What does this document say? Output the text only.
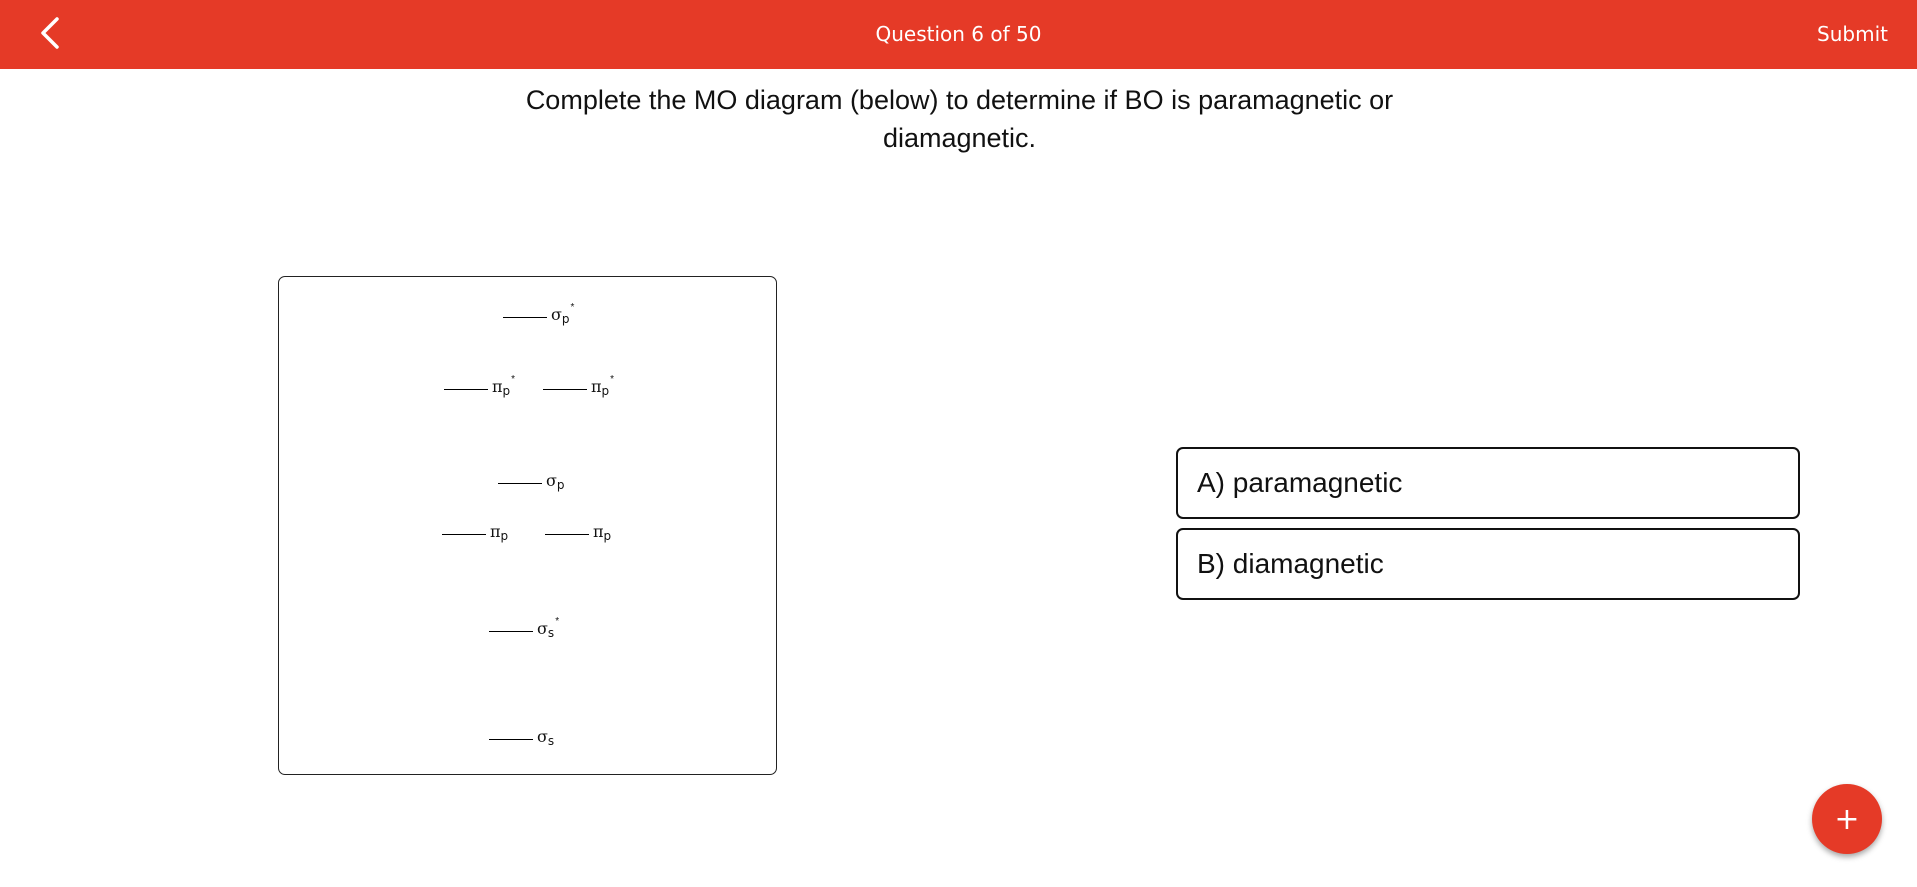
Question 6 of 50	Submit
Complete the MO diagram (below) to determine if BO is paramagnetic or diamagnetic.
σ p
*
π p
*	π p
*
σ p
π p	π p
σ s
*
σ s
A) paramagnetic
B) diamagnetic
+
